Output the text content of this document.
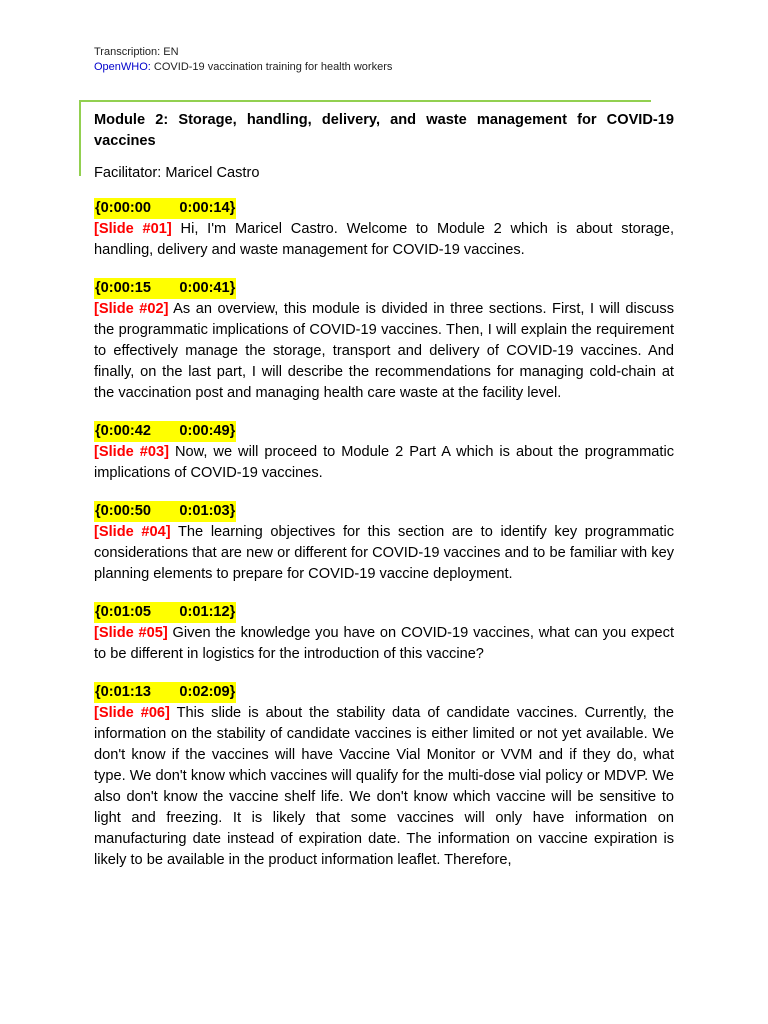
Transcription: EN
OpenWHO: COVID-19 vaccination training for health workers

Module 2: Storage, handling, delivery, and waste management for COVID-19 vaccines

Facilitator: Maricel Castro

{0:00:00       0:00:14}

[Slide #01] Hi, I'm Maricel Castro. Welcome to Module 2 which is about storage, handling, delivery and waste management for COVID-19 vaccines.

{0:00:15       0:00:41}

[Slide #02] As an overview, this module is divided in three sections. First, I will discuss the programmatic implications of COVID-19 vaccines. Then, I will explain the requirement to effectively manage the storage, transport and delivery of COVID-19 vaccines. And finally, on the last part, I will describe the recommendations for managing cold-chain at the vaccination post and managing health care waste at the facility level.

{0:00:42       0:00:49}

[Slide #03] Now, we will proceed to Module 2 Part A which is about the programmatic implications of COVID-19 vaccines.

{0:00:50       0:01:03}

[Slide #04] The learning objectives for this section are to identify key programmatic considerations that are new or different for COVID-19 vaccines and to be familiar with key planning elements to prepare for COVID-19 vaccine deployment.

{0:01:05       0:01:12}

[Slide #05] Given the knowledge you have on COVID-19 vaccines, what can you expect to be different in logistics for the introduction of this vaccine?

{0:01:13       0:02:09}

[Slide #06] This slide is about the stability data of candidate vaccines. Currently, the information on the stability of candidate vaccines is either limited or not yet available. We don't know if the vaccines will have Vaccine Vial Monitor or VVM and if they do, what type. We don't know which vaccines will qualify for the multi-dose vial policy or MDVP. We also don't know the vaccine shelf life. We don't know which vaccine will be sensitive to light and freezing. It is likely that some vaccines will only have information on manufacturing date instead of expiration date. The information on vaccine expiration is likely to be available in the product information leaflet. Therefore,
